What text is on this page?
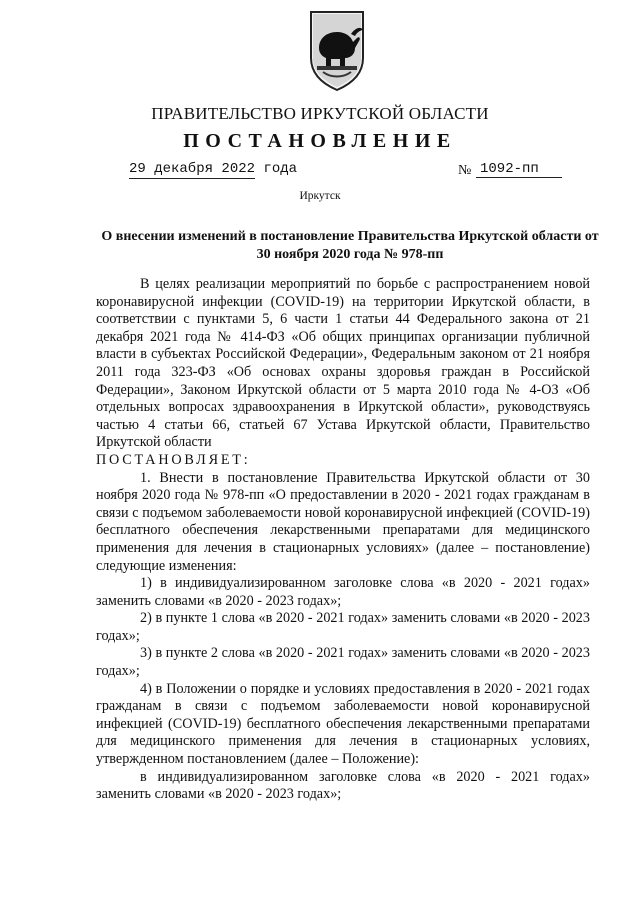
ПРАВИТЕЛЬСТВО ИРКУТСКОЙ ОБЛАСТИ
ПОСТАНОВЛЕНИЕ
29 декабря 2022 года	№ 1092-пп
Иркутск
О внесении изменений в постановление Правительства Иркутской области от 30 ноября 2020 года № 978-пп

В целях реализации мероприятий по борьбе с распространением новой коронавирусной инфекции (COVID-19) на территории Иркутской области, в соответствии с пунктами 5, 6 части 1 статьи 44 Федерального закона от 21 декабря 2021 года № 414-ФЗ «Об общих принципах организации публичной власти в субъектах Российской Федерации», Федеральным законом от 21 ноября 2011 года 323-ФЗ «Об основах охраны здоровья граждан в Российской Федерации», Законом Иркутской области от 5 марта 2010 года № 4-ОЗ «Об отдельных вопросах здравоохранения в Иркутской области», руководствуясь частью 4 статьи 66, статьей 67 Устава Иркутской области, Правительство Иркутской области

ПОСТАНОВЛЯЕТ:

1. Внести в постановление Правительства Иркутской области от 30 ноября 2020 года № 978-пп «О предоставлении в 2020 - 2021 годах гражданам в связи с подъемом заболеваемости новой коронавирусной инфекцией (COVID-19) бесплатного обеспечения лекарственными препаратами для медицинского применения для лечения в стационарных условиях» (далее – постановление) следующие изменения:

1) в индивидуализированном заголовке слова «в 2020 - 2021 годах» заменить словами «в 2020 - 2023 годах»;

2) в пункте 1 слова «в 2020 - 2021 годах» заменить словами «в 2020 - 2023 годах»;

3) в пункте 2 слова «в 2020 - 2021 годах» заменить словами «в 2020 - 2023 годах»;

4) в Положении о порядке и условиях предоставления в 2020 - 2021 годах гражданам в связи с подъемом заболеваемости новой коронавирусной инфекцией (COVID-19) бесплатного обеспечения лекарственными препаратами для медицинского применения для лечения в стационарных условиях, утвержденном постановлением (далее – Положение):

в индивидуализированном заголовке слова «в 2020 - 2021 годах» заменить словами «в 2020 - 2023 годах»;
